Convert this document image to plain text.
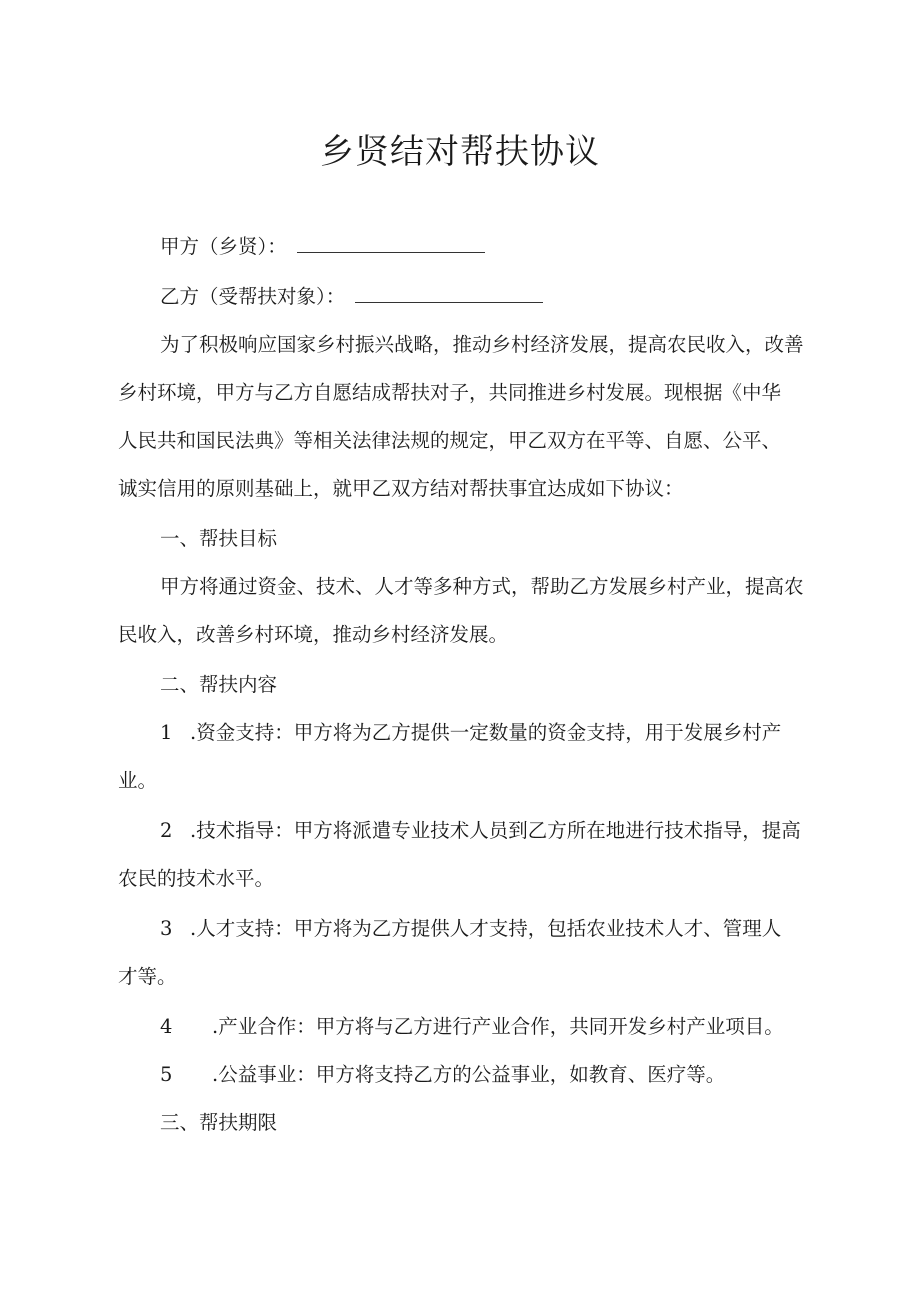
乡贤结对帮扶协议
甲方（乡贤）：
乙方（受帮扶对象）：
为了积极响应国家乡村振兴战略，推动乡村经济发展，提高农民收入，改善
乡村环境，甲方与乙方自愿结成帮扶对子，共同推进乡村发展。现根据《中华
人民共和国民法典》等相关法律法规的规定，甲乙双方在平等、自愿、公平、
诚实信用的原则基础上，就甲乙双方结对帮扶事宜达成如下协议：
一、帮扶目标
甲方将通过资金、技术、人才等多种方式，帮助乙方发展乡村产业，提高农
民收入，改善乡村环境，推动乡村经济发展。
二、帮扶内容
1 .资金支持：甲方将为乙方提供一定数量的资金支持，用于发展乡村产
业。
2 .技术指导：甲方将派遣专业技术人员到乙方所在地进行技术指导，提高
农民的技术水平。
3 .人才支持：甲方将为乙方提供人才支持，包括农业技术人才、管理人
才等。
4 .产业合作：甲方将与乙方进行产业合作，共同开发乡村产业项目。
5 .公益事业：甲方将支持乙方的公益事业，如教育、医疗等。
三、帮扶期限
